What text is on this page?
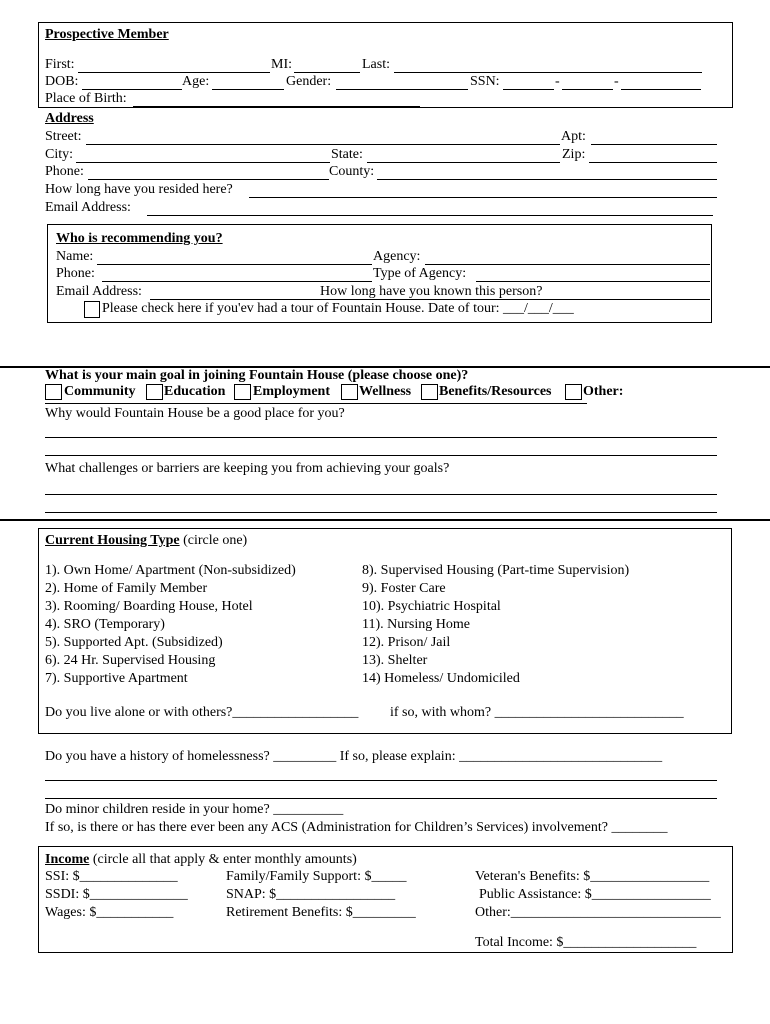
Prospective Member
First:	MI:	Last:
DOB:	Age:	Gender:	SSN:	-	-
Place of Birth:
Address
Street:	Apt:
City:	State:	Zip:
Phone:	County:
How long have you resided here?
Email Address:
Who is recommending you?
Name:	Agency:
Phone:	Type of Agency:
Email Address:	How long have you known this person?
Please check here if you'ev had a tour of Fountain House. Date of tour: ___/___/___
What is your main goal in joining Fountain House (please choose one)?
Community Education Employment Wellness Benefits/Resources Other:
Why would Fountain House be a good place for you?
What challenges or barriers are keeping you from achieving your goals?
Current Housing Type (circle one)
1). Own Home/ Apartment (Non-subsidized)
2). Home of Family Member
3). Rooming/ Boarding House, Hotel
4). SRO (Temporary)
5). Supported Apt. (Subsidized)
6). 24 Hr. Supervised Housing
7). Supportive Apartment
8). Supervised Housing (Part-time Supervision)
9). Foster Care
10). Psychiatric Hospital
11). Nursing Home
12). Prison/ Jail
13). Shelter
14) Homeless/ Undomiciled
Do you live alone or with others?__________________ if so, with whom? ___________________________
Do you have a history of homelessness? _________ If so, please explain: _____________________________
Do minor children reside in your home? __________
If so, is there or has there ever been any ACS (Administration for Children’s Services) involvement? ________
Income (circle all that apply & enter monthly amounts)
SSI: $______________	Family/Family Support: $_____	Veteran's Benefits: $_________________
SSDI: $______________	SNAP: $_________________	Public Assistance: $_________________
Wages: $___________	Retirement Benefits: $_________	Other:______________________________
Total Income: $___________________
